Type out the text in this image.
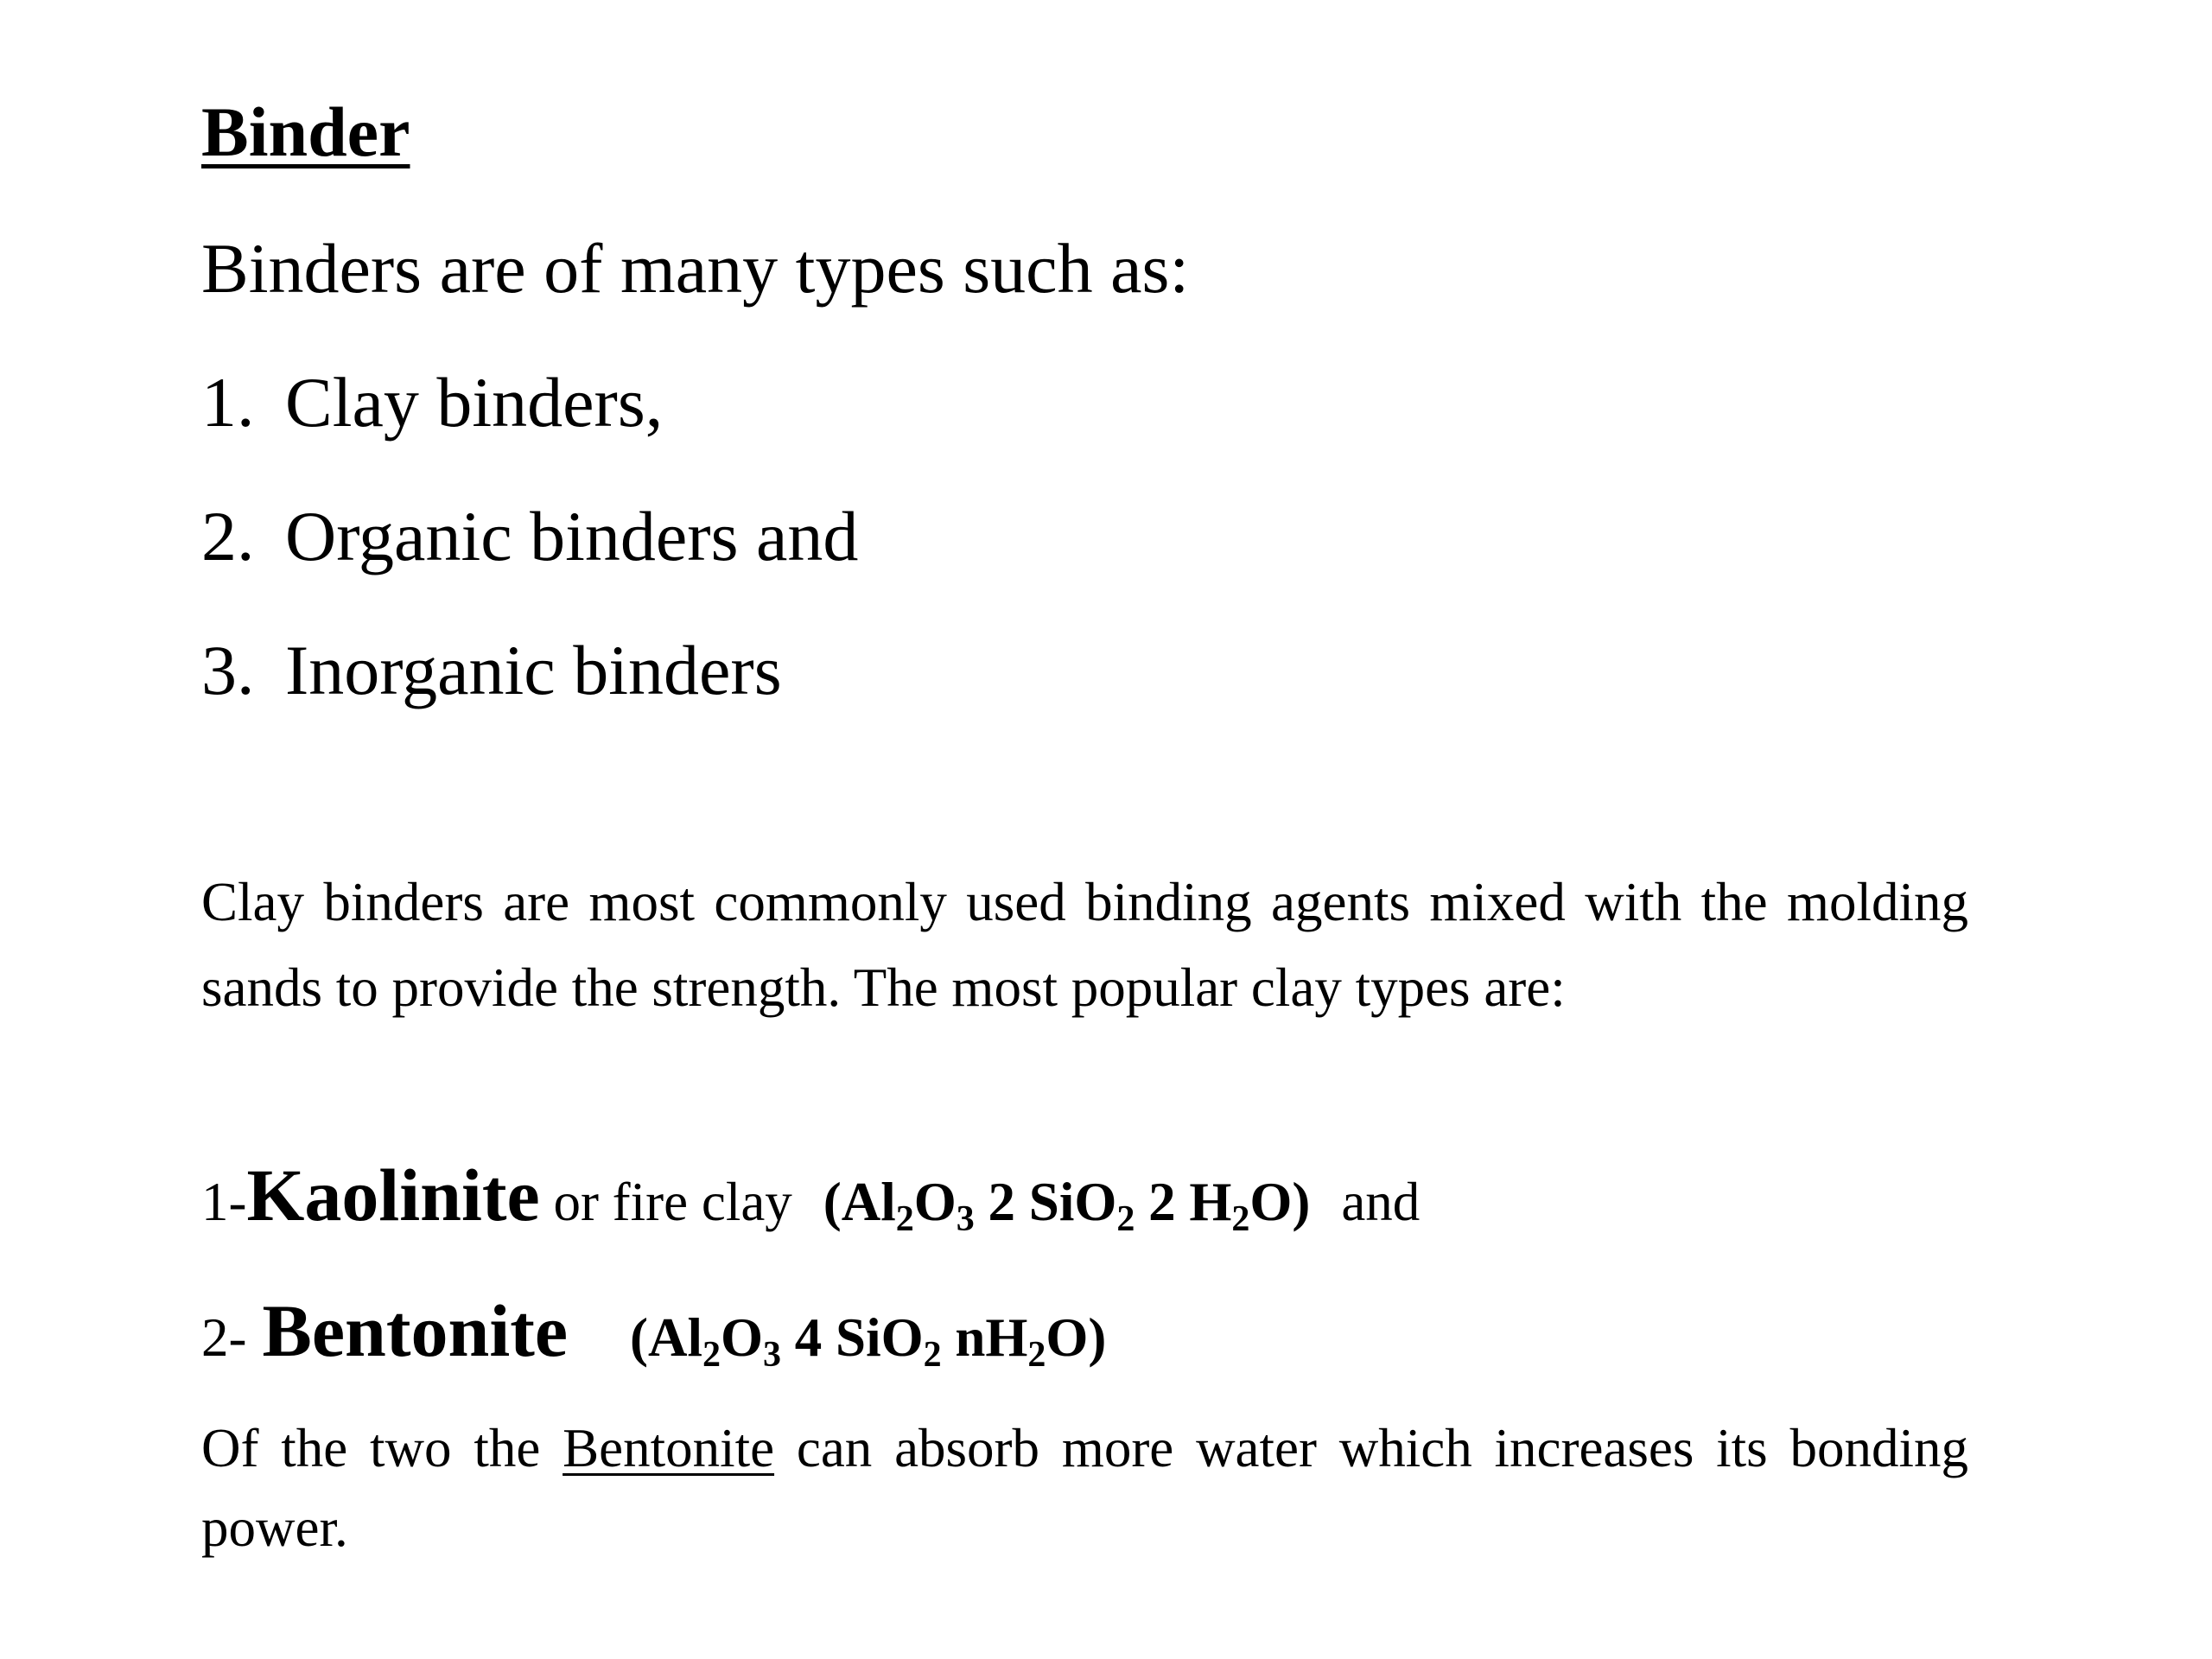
Binder
Binders are of many types such as:
1. Clay binders,
2. Organic binders and
3. Inorganic binders
Clay binders are most commonly used binding agents mixed with the molding sands to provide the strength. The most popular clay types are:
1-Kaolinite or fire clay ($Al_2O_3$ 2 SiO$_2$ 2 $H_2O$) and
2- Bentonite ($Al_2O_3$ 4 SiO$_2$ $nH_2O$)
Of the two the Bentonite can absorb more water which increases its bonding power.
